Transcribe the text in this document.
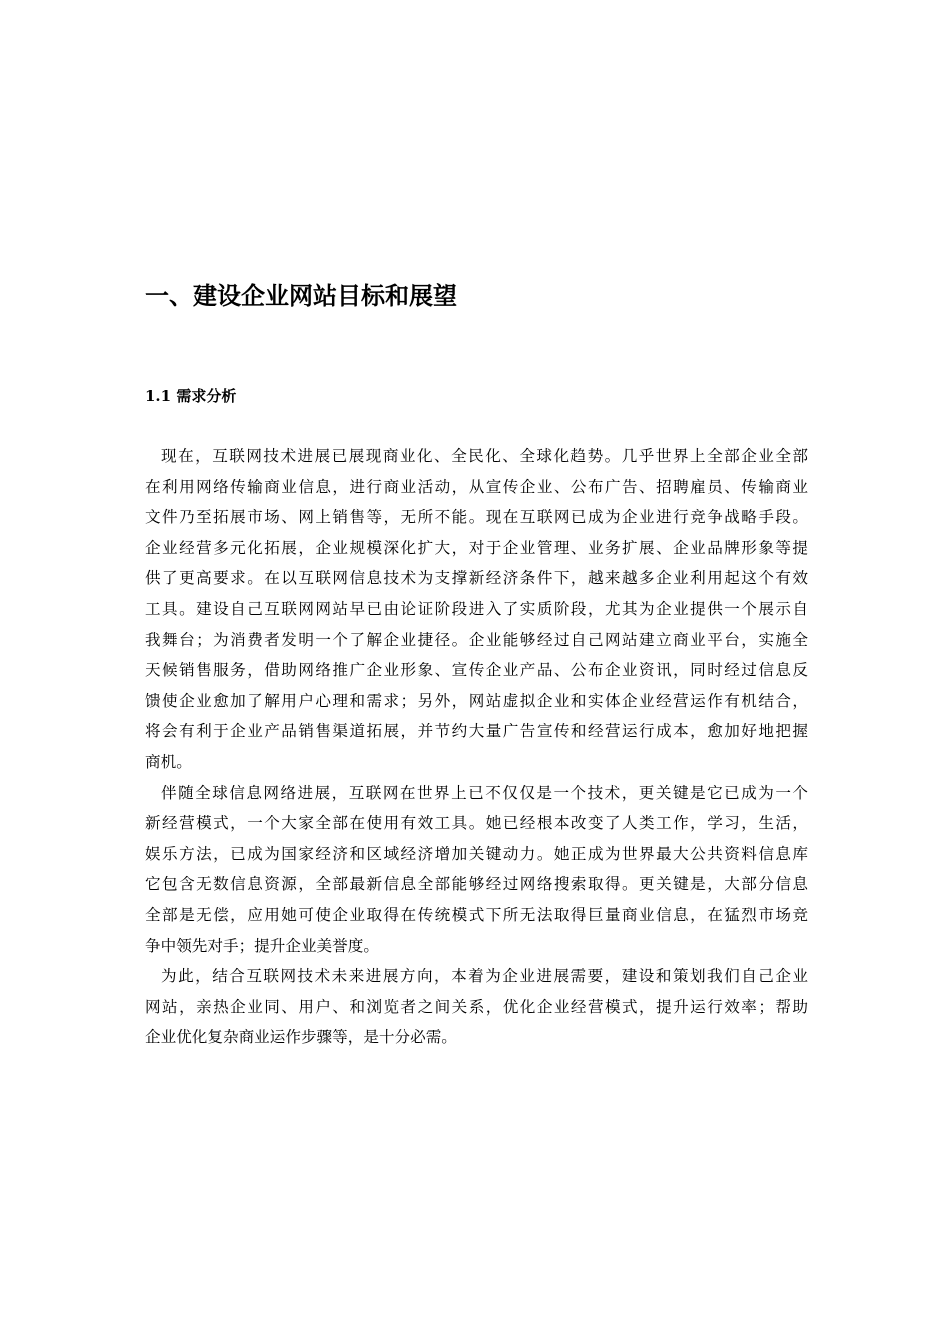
一、建设企业网站目标和展望
1.1 需求分析
现在，互联网技术进展已展现商业化、全民化、全球化趋势。几乎世界上全部企业全部
在利用网络传输商业信息，进行商业活动，从宣传企业、公布广告、招聘雇员、传输商业
文件乃至拓展市场、网上销售等，无所不能。现在互联网已成为企业进行竞争战略手段。
企业经营多元化拓展，企业规模深化扩大，对于企业管理、业务扩展、企业品牌形象等提
供了更高要求。在以互联网信息技术为支撑新经济条件下，越来越多企业利用起这个有效
工具。建设自己互联网网站早已由论证阶段进入了实质阶段，尤其为企业提供一个展示自
我舞台；为消费者发明一个了解企业捷径。企业能够经过自己网站建立商业平台，实施全
天候销售服务，借助网络推广企业形象、宣传企业产品、公布企业资讯，同时经过信息反
馈使企业愈加了解用户心理和需求；另外，网站虚拟企业和实体企业经营运作有机结合，
将会有利于企业产品销售渠道拓展，并节约大量广告宣传和经营运行成本，愈加好地把握
商机。
伴随全球信息网络进展，互联网在世界上已不仅仅是一个技术，更关键是它已成为一个
新经营模式，一个大家全部在使用有效工具。她已经根本改变了人类工作，学习，生活，
娱乐方法，已成为国家经济和区域经济增加关键动力。她正成为世界最大公共资料信息库
它包含无数信息资源，全部最新信息全部能够经过网络搜索取得。更关键是，大部分信息
全部是无偿，应用她可使企业取得在传统模式下所无法取得巨量商业信息，在猛烈市场竞
争中领先对手；提升企业美誉度。
为此，结合互联网技术未来进展方向，本着为企业进展需要，建设和策划我们自己企业
网站，亲热企业同、用户、和浏览者之间关系，优化企业经营模式，提升运行效率；帮助
企业优化复杂商业运作步骤等，是十分必需。
